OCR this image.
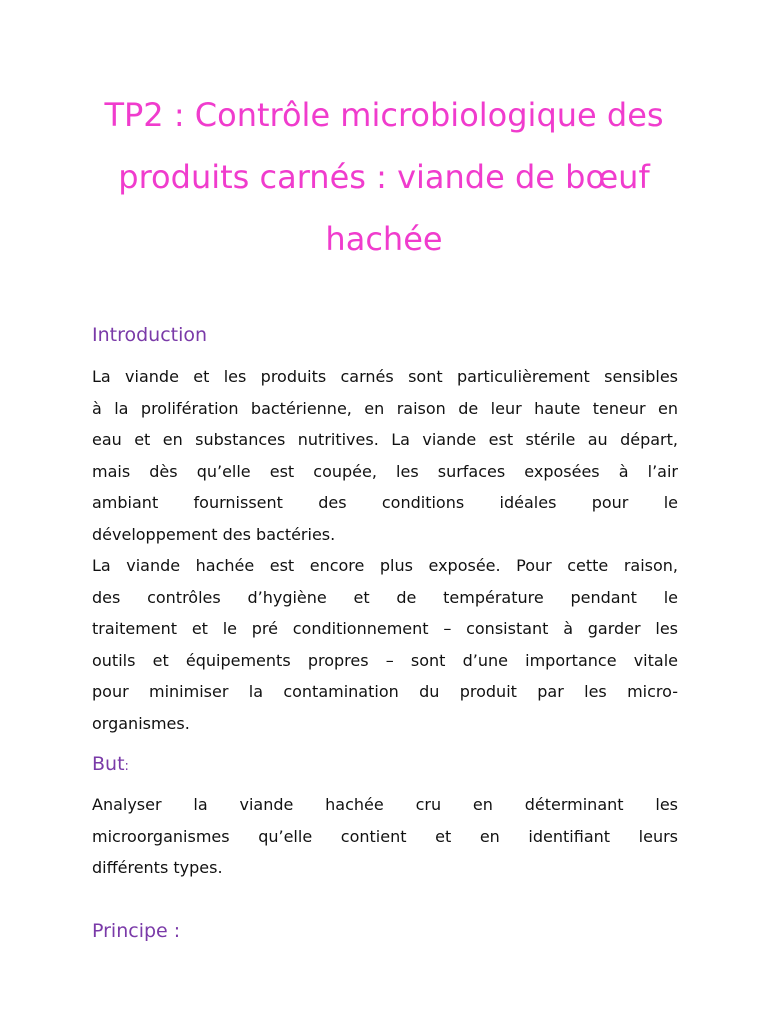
TP2 : Contrôle microbiologique des produits carnés : viande de bœuf hachée
Introduction

La viande et les produits carnés sont particulièrement sensibles
à la prolifération bactérienne, en raison de leur haute teneur en
eau et en substances nutritives. La viande est stérile au départ,
mais dès qu’elle est coupée, les surfaces exposées à l’air
ambiant fournissent des conditions idéales pour le
développement des bactéries.

La viande hachée est encore plus exposée. Pour cette raison,
des contrôles d’hygiène et de température pendant le
traitement et le pré conditionnement – consistant à garder les
outils et équipements propres – sont d’une importance vitale
pour minimiser la contamination du produit par les micro-
organismes.

But:

Analyser la viande hachée cru en déterminant les
microorganismes qu’elle contient et en identifiant leurs
différents types.

Principe :
